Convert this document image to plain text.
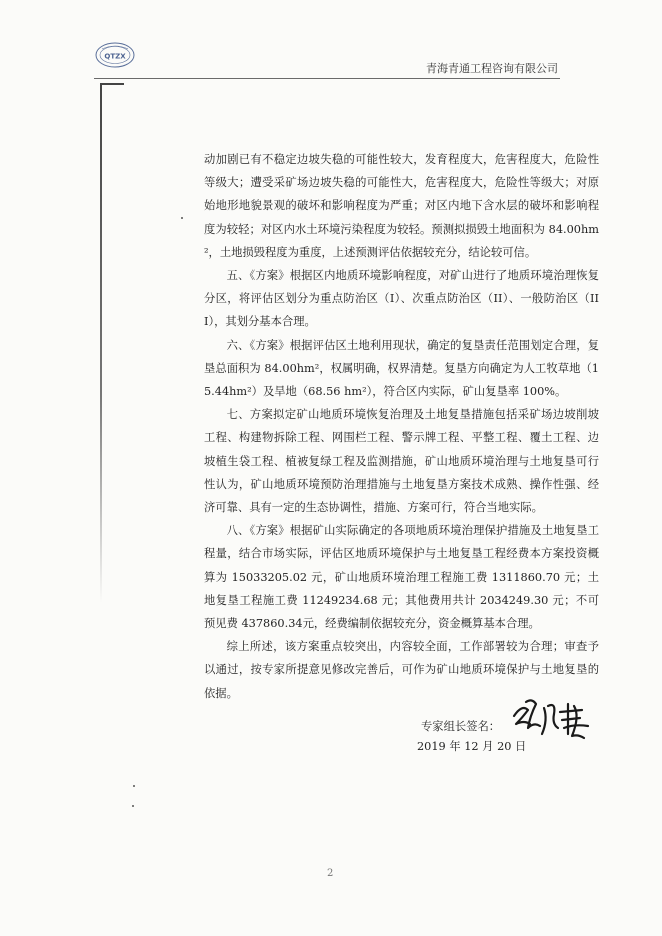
QTZX
青海青通工程咨询有限公司

动加剧已有不稳定边坡失稳的可能性较大，发育程度大，危害程度大，危险性等级大；遭受采矿场边坡失稳的可能性大，危害程度大，危险性等级大；对原始地形地貌景观的破坏和影响程度为严重；对区内地下含水层的破坏和影响程度为较轻；对区内水土环境污染程度为较轻。预测拟损毁土地面积为 84.00hm²，土地损毁程度为重度，上述预测评估依据较充分，结论较可信。

五、《方案》根据区内地质环境影响程度，对矿山进行了地质环境治理恢复分区，将评估区划分为重点防治区（I）、次重点防治区（II）、一般防治区（III），其划分基本合理。

六、《方案》根据评估区土地利用现状，确定的复垦责任范围划定合理，复垦总面积为 84.00hm²，权属明确，权界清楚。复垦方向确定为人工牧草地（15.44hm²）及旱地（68.56 hm²），符合区内实际，矿山复垦率 100%。

七、方案拟定矿山地质环境恢复治理及土地复垦措施包括采矿场边坡削坡工程、构建物拆除工程、网围栏工程、警示牌工程、平整工程、覆土工程、边坡植生袋工程、植被复绿工程及监测措施，矿山地质环境治理与土地复垦可行性认为，矿山地质环境预防治理措施与土地复垦方案技术成熟、操作性强、经济可靠、具有一定的生态协调性，措施、方案可行，符合当地实际。

八、《方案》根据矿山实际确定的各项地质环境治理保护措施及土地复垦工程量，结合市场实际，评估区地质环境保护与土地复垦工程经费本方案投资概算为 15033205.02 元，矿山地质环境治理工程施工费 1311860.70 元；土地复垦工程施工费 11249234.68 元；其他费用共计 2034249.30 元；不可预见费 437860.34元，经费编制依据较充分，资金概算基本合理。

综上所述，该方案重点较突出，内容较全面，工作部署较为合理；审查予以通过，按专家所提意见修改完善后，可作为矿山地质环境保护与土地复垦的依据。

专家组长签名：
2019 年 12 月 20 日
2
